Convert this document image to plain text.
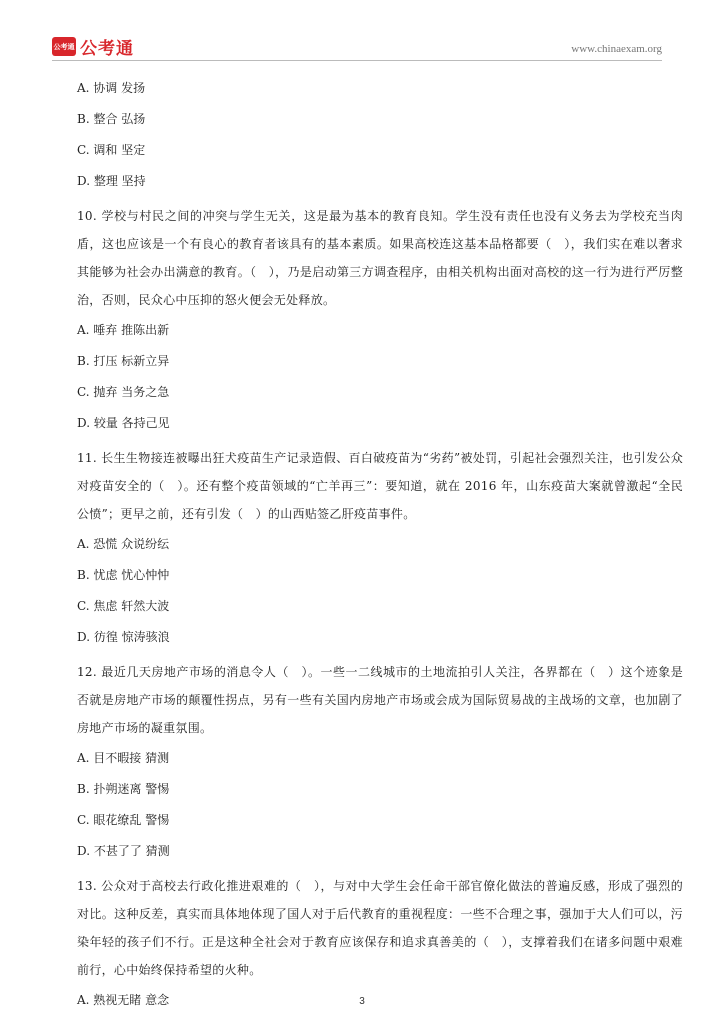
公考通 公考通	www.chinaexam.org
A. 协调 发扬
B. 整合 弘扬
C. 调和 坚定
D. 整理 坚持
10. 学校与村民之间的冲突与学生无关，这是最为基本的教育良知。学生没有责任也没有义务去为学校充当肉盾，这也应该是一个有良心的教育者该具有的基本素质。如果高校连这基本品格都要（　），我们实在难以奢求其能够为社会办出满意的教育。（　），乃是启动第三方调查程序，由相关机构出面对高校的这一行为进行严厉整治，否则，民众心中压抑的怒火便会无处释放。
A. 唾弃 推陈出新
B. 打压 标新立异
C. 抛弃 当务之急
D. 较量 各持己见
11. 长生生物接连被曝出狂犬疫苗生产记录造假、百白破疫苗为“劣药”被处罚，引起社会强烈关注，也引发公众对疫苗安全的（　）。还有整个疫苗领域的“亡羊再三”：要知道，就在 2016 年，山东疫苗大案就曾激起“全民公愤”；更早之前，还有引发（　）的山西贴签乙肝疫苗事件。
A. 恐慌 众说纷纭
B. 忧虑 忧心忡忡
C. 焦虑 轩然大波
D. 彷徨 惊涛骇浪
12. 最近几天房地产市场的消息令人（　）。一些一二线城市的土地流拍引人关注，各界都在（　）这个迹象是否就是房地产市场的颠覆性拐点，另有一些有关国内房地产市场或会成为国际贸易战的主战场的文章，也加剧了房地产市场的凝重氛围。
A. 目不暇接 猜测
B. 扑朔迷离 警惕
C. 眼花缭乱 警惕
D. 不甚了了 猜测
13. 公众对于高校去行政化推进艰难的（　），与对中大学生会任命干部官僚化做法的普遍反感，形成了强烈的对比。这种反差，真实而具体地体现了国人对于后代教育的重视程度：一些不合理之事，强加于大人们可以，污染年轻的孩子们不行。正是这种全社会对于教育应该保存和追求真善美的（　），支撑着我们在诸多问题中艰难前行，心中始终保持希望的火种。
A. 熟视无睹 意念	3
